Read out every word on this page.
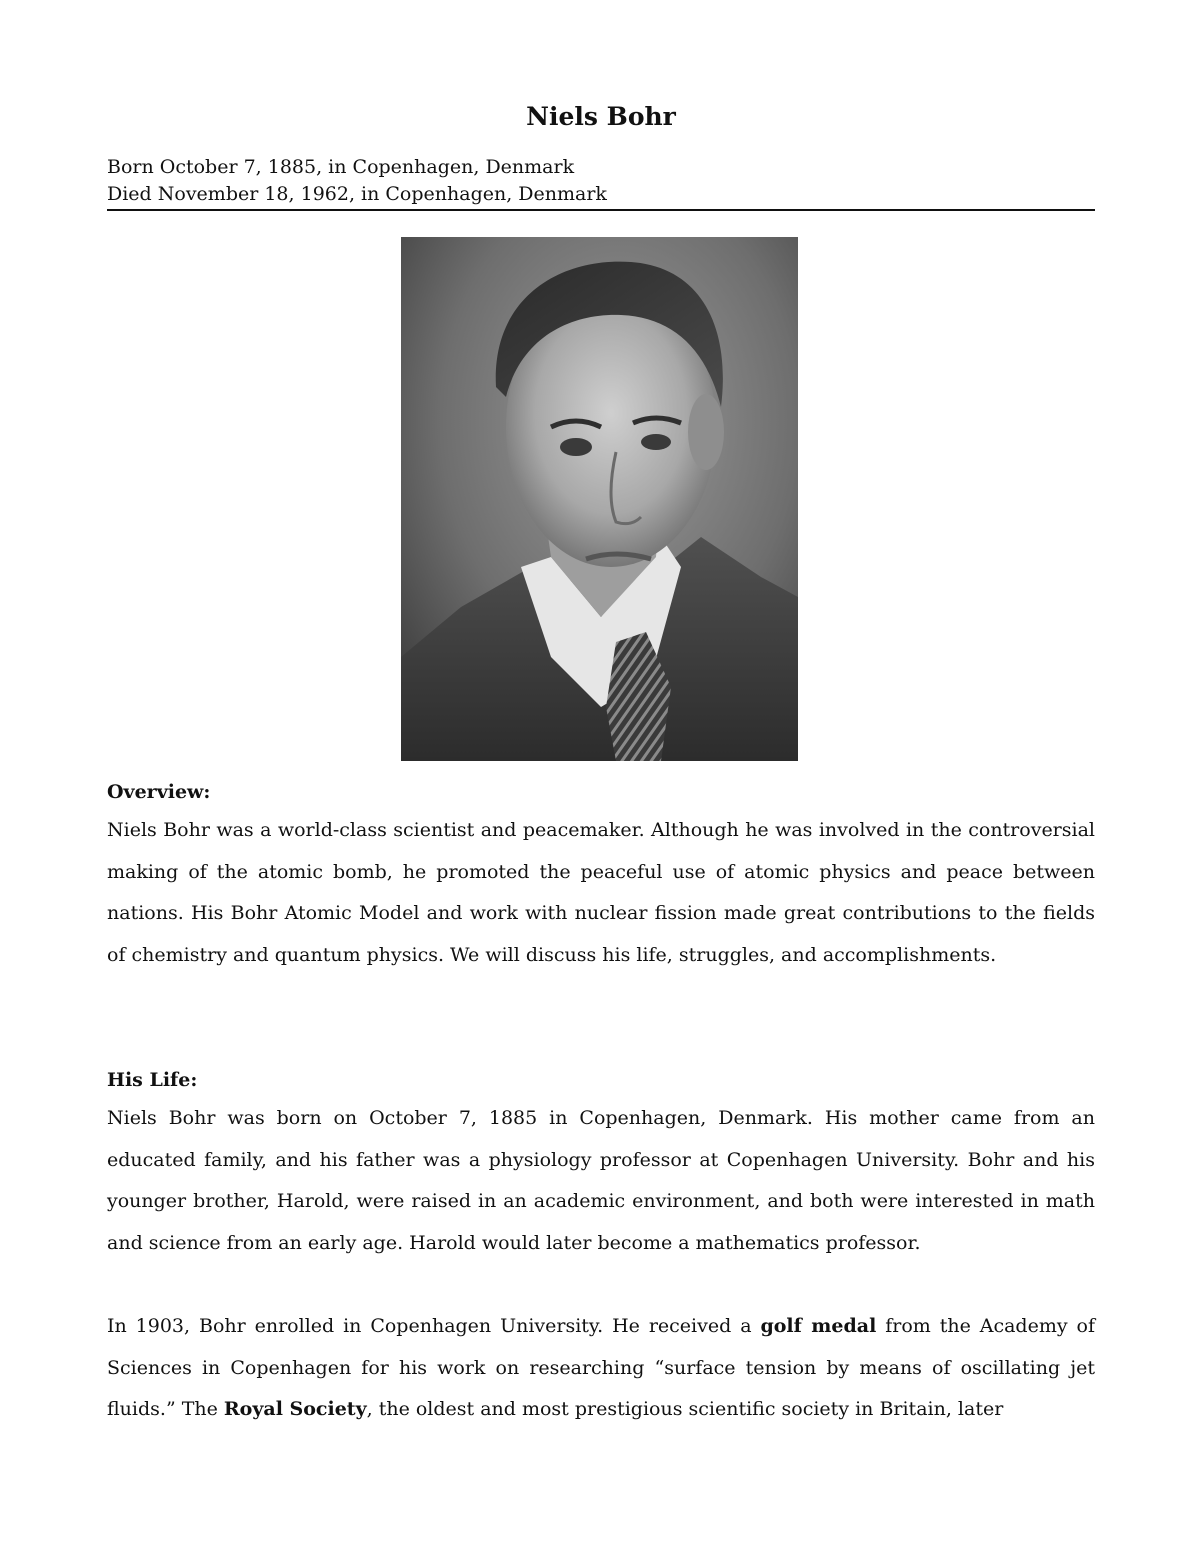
Niels Bohr
Born October 7, 1885, in Copenhagen, Denmark
Died November 18, 1962, in Copenhagen, Denmark
Overview:
Niels Bohr was a world-class scientist and peacemaker. Although he was involved in the controversial making of the atomic bomb, he promoted the peaceful use of atomic physics and peace between nations. His Bohr Atomic Model and work with nuclear fission made great contributions to the fields of chemistry and quantum physics. We will discuss his life, struggles, and accomplishments.
His Life:
Niels Bohr was born on October 7, 1885 in Copenhagen, Denmark. His mother came from an educated family, and his father was a physiology professor at Copenhagen University. Bohr and his younger brother, Harold, were raised in an academic environment, and both were interested in math and science from an early age. Harold would later become a mathematics professor.
In 1903, Bohr enrolled in Copenhagen University. He received a golf medal from the Academy of Sciences in Copenhagen for his work on researching “surface tension by means of oscillating jet fluids.” The Royal Society, the oldest and most prestigious scientific society in Britain, later
